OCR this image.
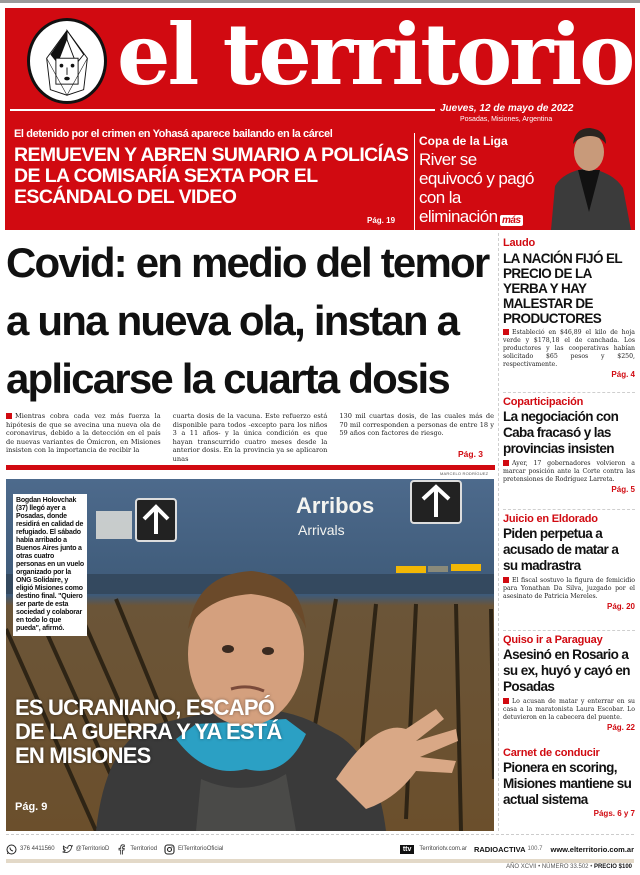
el territorio
Jueves, 12 de mayo de 2022
Posadas, Misiones, Argentina
El detenido por el crimen en Yohasá aparece bailando en la cárcel
REMUEVEN Y ABREN SUMARIO A POLICÍAS DE LA COMISARÍA SEXTA POR EL ESCÁNDALO DEL VIDEO
Pág. 19
Copa de la Liga
River se equivocó y pagó con la eliminación más
Covid: en medio del temor a una nueva ola, instan a aplicarse la cuarta dosis
Mientras cobra cada vez más fuerza la hipótesis de que se avecina una nueva ola de coronavirus, debido a la detección en el país de nuevas variantes de Ómicron, en Misiones insisten con la importancia de recibir la
cuarta dosis de la vacuna. Este refuerzo está disponible para todos -excepto para los niños 3 a 11 años- y la única condición es que hayan transcurrido cuatro meses desde la anterior dosis. En la provincia ya se aplicaron unas
130 mil cuartas dosis, de las cuales más de 70 mil corresponden a personas de entre 18 y 59 años con factores de riesgo.
Pág. 3
MARCELO RODRÍGUEZ
Arribos
Arrivals
Bogdan Holovchak (37) llegó ayer a Posadas, donde residirá en calidad de refugiado. El sábado había arribado a Buenos Aires junto a otras cuatro personas en un vuelo organizado por la ONG Solidaire, y eligió Misiones como destino final. "Quiero ser parte de esta sociedad y colaborar en todo lo que pueda", afirmó.
ES UCRANIANO, ESCAPÓ DE LA GUERRA Y YA ESTÁ EN MISIONES
Pág. 9
Laudo
LA NACIÓN FIJÓ EL PRECIO DE LA YERBA Y HAY MALESTAR DE PRODUCTORES
Estableció en $46,89 el kilo de hoja verde y $178,18 el de canchada. Los productores y las cooperativas habían solicitado $65 pesos y $250, respectivamente.
Pág. 4
Coparticipación
La negociación con Caba fracasó y las provincias insisten
Ayer, 17 gobernadores volvieron a marcar posición ante la Corte contra las pretensiones de Rodríguez Larreta.
Pág. 5
Juicio en Eldorado
Piden perpetua a acusado de matar a su madrastra
El fiscal sostuvo la figura de femicidio para Yonathan Da Silva, juzgado por el asesinato de Patricia Mereles.
Pág. 20
Quiso ir a Paraguay
Asesinó en Rosario a su ex, huyó y cayó en Posadas
Lo acusan de matar y enterrar en su casa a la maratonista Laura Escobar. Lo detuvieron en la cabecera del puente.
Pág. 22
Carnet de conducir
Pionera en scoring, Misiones mantiene su actual sistema
Págs. 6 y 7
376 4411560	@TerritorioD	Territoriod	ElTerritorioOficial	ttv	Territoriotv.com.ar RADIOACTIVA 100.7 www.elterritorio.com.ar
AÑO XCVII • NÚMERO 33.502 • PRECIO $100
